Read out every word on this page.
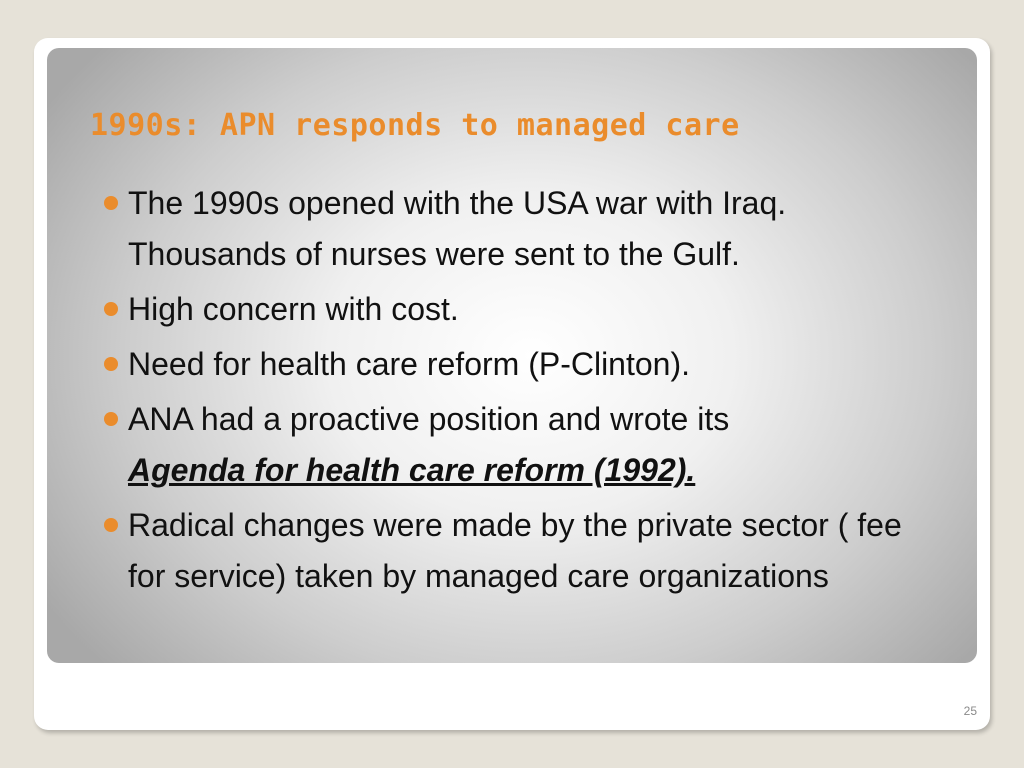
1990s: APN responds to managed care
The 1990s opened with the USA war with Iraq. Thousands of nurses were sent to the Gulf.
High concern with cost.
Need for health care reform (P-Clinton).
ANA had a proactive position and wrote its
Agenda for health care reform (1992).
Radical changes were made by the private sector ( fee for service) taken by managed care organizations
25
